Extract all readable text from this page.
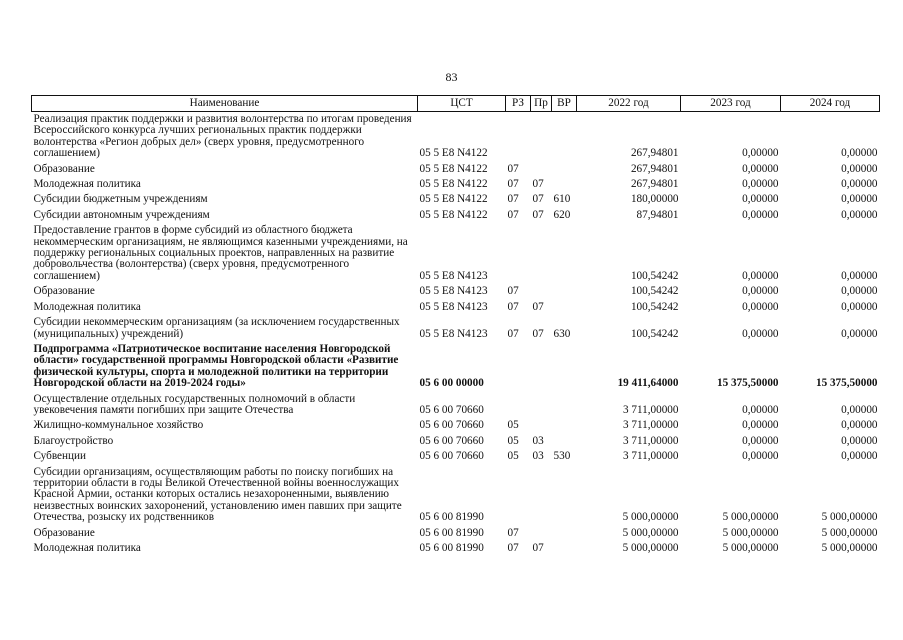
83
Наименование	ЦСТ	РЗ	Пр	ВР	2022 год	2023 год	2024 год
Реализация практик поддержки и развития волонтерства по итогам проведения Всероссийского конкурса лучших региональных практик поддержки волонтерства «Регион добрых дел» (сверх уровня, предусмотренного соглашением)	05 5 E8 N4122				267,94801	0,00000	0,00000
Образование	05 5 E8 N4122	07			267,94801	0,00000	0,00000
Молодежная политика	05 5 E8 N4122	07	07		267,94801	0,00000	0,00000
Субсидии бюджетным учреждениям	05 5 E8 N4122	07	07	610	180,00000	0,00000	0,00000
Субсидии автономным учреждениям	05 5 E8 N4122	07	07	620	87,94801	0,00000	0,00000
Предоставление грантов в форме субсидий из областного бюджета некоммерческим организациям, не являющимся казенными учреждениями, на поддержку региональных социальных проектов, направленных на развитие добровольчества (волонтерства) (сверх уровня, предусмотренного соглашением)	05 5 E8 N4123				100,54242	0,00000	0,00000
Образование	05 5 E8 N4123	07			100,54242	0,00000	0,00000
Молодежная политика	05 5 E8 N4123	07	07		100,54242	0,00000	0,00000
Субсидии некоммерческим организациям (за исключением государственных (муниципальных) учреждений)	05 5 E8 N4123	07	07	630	100,54242	0,00000	0,00000
Подпрограмма «Патриотическое воспитание населения Новгородской области» государственной программы Новгородской области «Развитие физической культуры, спорта и молодежной политики на территории Новгородской области на 2019-2024 годы»	05 6 00 00000				19 411,64000	15 375,50000	15 375,50000
Осуществление отдельных государственных полномочий в области увековечения памяти погибших при защите Отечества	05 6 00 70660				3 711,00000	0,00000	0,00000
Жилищно-коммунальное хозяйство	05 6 00 70660	05			3 711,00000	0,00000	0,00000
Благоустройство	05 6 00 70660	05	03		3 711,00000	0,00000	0,00000
Субвенции	05 6 00 70660	05	03	530	3 711,00000	0,00000	0,00000
Субсидии организациям, осуществляющим работы по поиску погибших на территории области в годы Великой Отечественной войны военнослужащих Красной Армии, останки которых остались незахороненными, выявлению неизвестных воинских захоронений, установлению имен павших при защите Отечества, розыску их родственников	05 6 00 81990				5 000,00000	5 000,00000	5 000,00000
Образование	05 6 00 81990	07			5 000,00000	5 000,00000	5 000,00000
Молодежная политика	05 6 00 81990	07	07		5 000,00000	5 000,00000	5 000,00000
